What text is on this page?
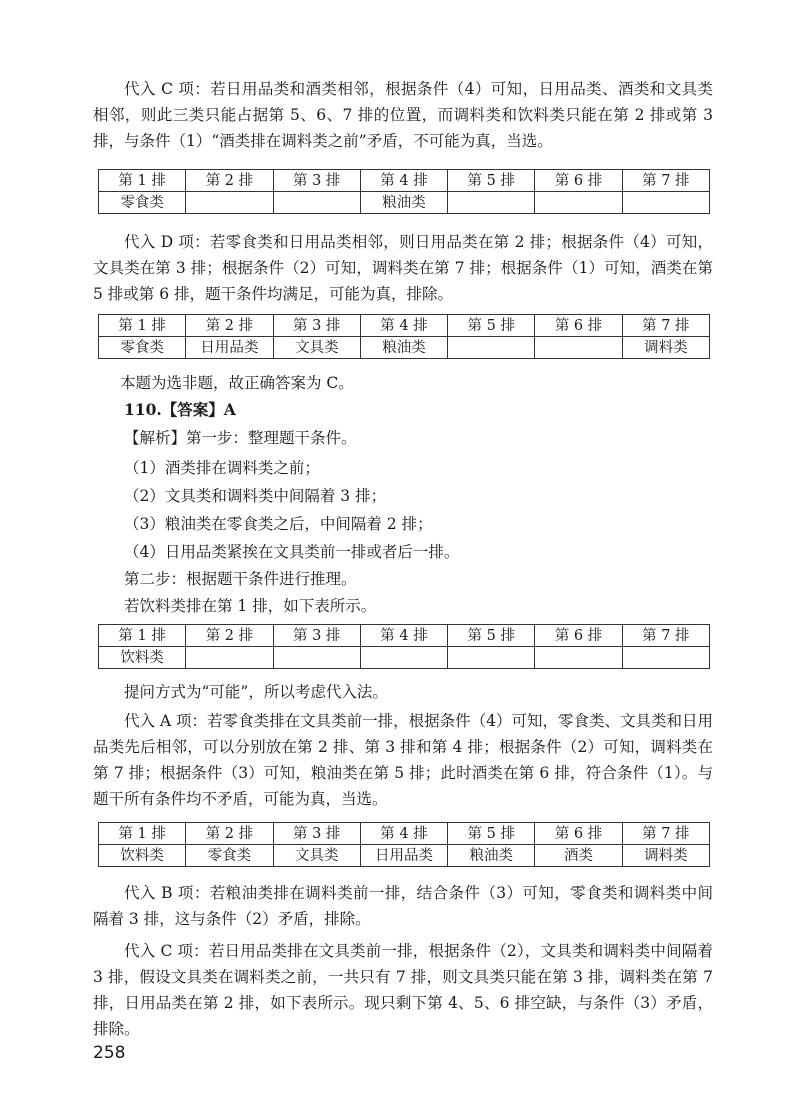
代入 C 项：若日用品类和酒类相邻，根据条件（4）可知，日用品类、酒类和文具类相邻，则此三类只能占据第 5、6、7 排的位置，而调料类和饮料类只能在第 2 排或第 3 排，与条件（1）“酒类排在调料类之前”矛盾，不可能为真，当选。

第 1 排	第 2 排	第 3 排	第 4 排	第 5 排	第 6 排	第 7 排
零食类			粮油类			

代入 D 项：若零食类和日用品类相邻，则日用品类在第 2 排；根据条件（4）可知，文具类在第 3 排；根据条件（2）可知，调料类在第 7 排；根据条件（1）可知，酒类在第 5 排或第 6 排，题干条件均满足，可能为真，排除。

第 1 排	第 2 排	第 3 排	第 4 排	第 5 排	第 6 排	第 7 排
零食类	日用品类	文具类	粮油类			调料类
本题为选非题，故正确答案为 C。
110.【答案】A
【解析】第一步：整理题干条件。
（1）酒类排在调料类之前；
（2）文具类和调料类中间隔着 3 排；
（3）粮油类在零食类之后，中间隔着 2 排；
（4）日用品类紧挨在文具类前一排或者后一排。
第二步：根据题干条件进行推理。
若饮料类排在第 1 排，如下表所示。
第 1 排	第 2 排	第 3 排	第 4 排	第 5 排	第 6 排	第 7 排
饮料类						
提问方式为“可能”，所以考虑代入法。

代入 A 项：若零食类排在文具类前一排，根据条件（4）可知，零食类、文具类和日用品类先后相邻，可以分别放在第 2 排、第 3 排和第 4 排；根据条件（2）可知，调料类在第 7 排；根据条件（3）可知，粮油类在第 5 排；此时酒类在第 6 排，符合条件（1）。与题干所有条件均不矛盾，可能为真，当选。

第 1 排	第 2 排	第 3 排	第 4 排	第 5 排	第 6 排	第 7 排
饮料类	零食类	文具类	日用品类	粮油类	酒类	调料类

代入 B 项：若粮油类排在调料类前一排，结合条件（3）可知，零食类和调料类中间隔着 3 排，这与条件（2）矛盾，排除。

代入 C 项：若日用品类排在文具类前一排，根据条件（2），文具类和调料类中间隔着 3 排，假设文具类在调料类之前，一共只有 7 排，则文具类只能在第 3 排，调料类在第 7 排，日用品类在第 2 排，如下表所示。现只剩下第 4、5、6 排空缺，与条件（3）矛盾，排除。

258
